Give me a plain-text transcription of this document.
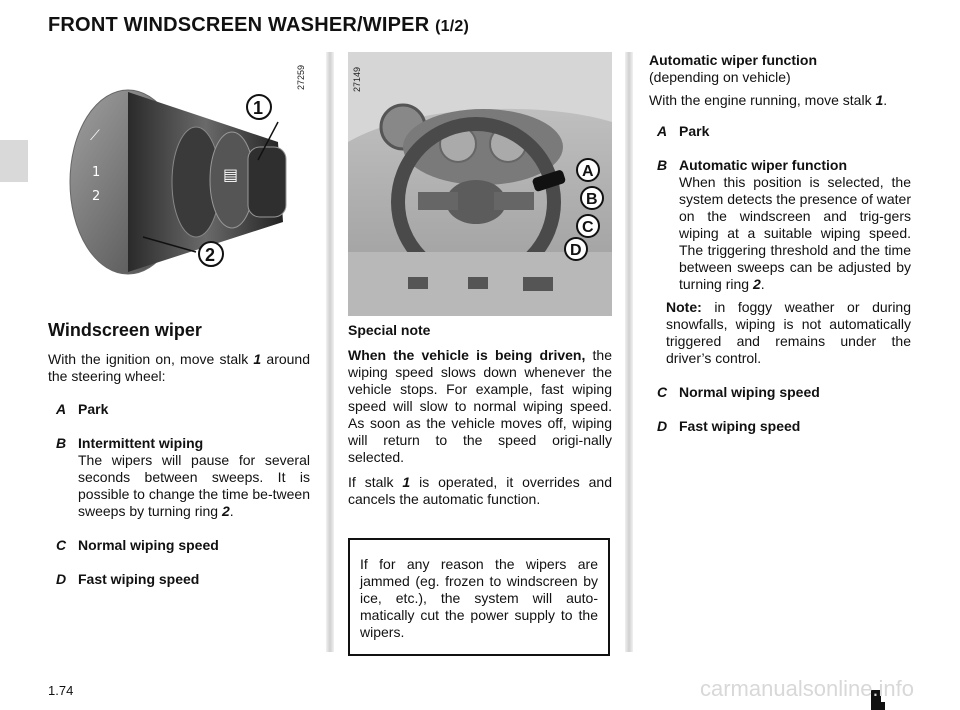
FRONT WINDSCREEN WASHER/WIPER (1/2)
⟋
1
2
▤
1
2
27259
A
B
C
D
27149
Windscreen wiper

With the ignition on, move stalk 1 around the steering wheel:

A Park
B Intermittent wiping
The wipers will pause for several seconds between sweeps. It is possible to change the time be-tween sweeps by turning ring 2.
C Normal wiping speed
D Fast wiping speed

Special note

When the vehicle is being driven, the wiping speed slows down whenever the vehicle stops. For example, fast wiping speed will slow to normal wiping speed. As soon as the vehicle moves off, wiping will return to the speed origi-nally selected.

If stalk 1 is operated, it overrides and cancels the automatic function.

If for any reason the wipers are jammed (eg. frozen to windscreen by ice, etc.), the system will auto-matically cut the power supply to the wipers.

Automatic wiper function
(depending on vehicle)

With the engine running, move stalk 1.

A Park
B Automatic wiper function
When this position is selected, the system detects the presence of water on the windscreen and trig-gers wiping at a suitable wiping speed. The triggering threshold and the time between sweeps can be adjusted by turning ring 2.

Note: in foggy weather or during snowfalls, wiping is not automatically triggered and remains under the driver’s control.

C Normal wiping speed
D Fast wiping speed
1.74	carmanualsonline.info
